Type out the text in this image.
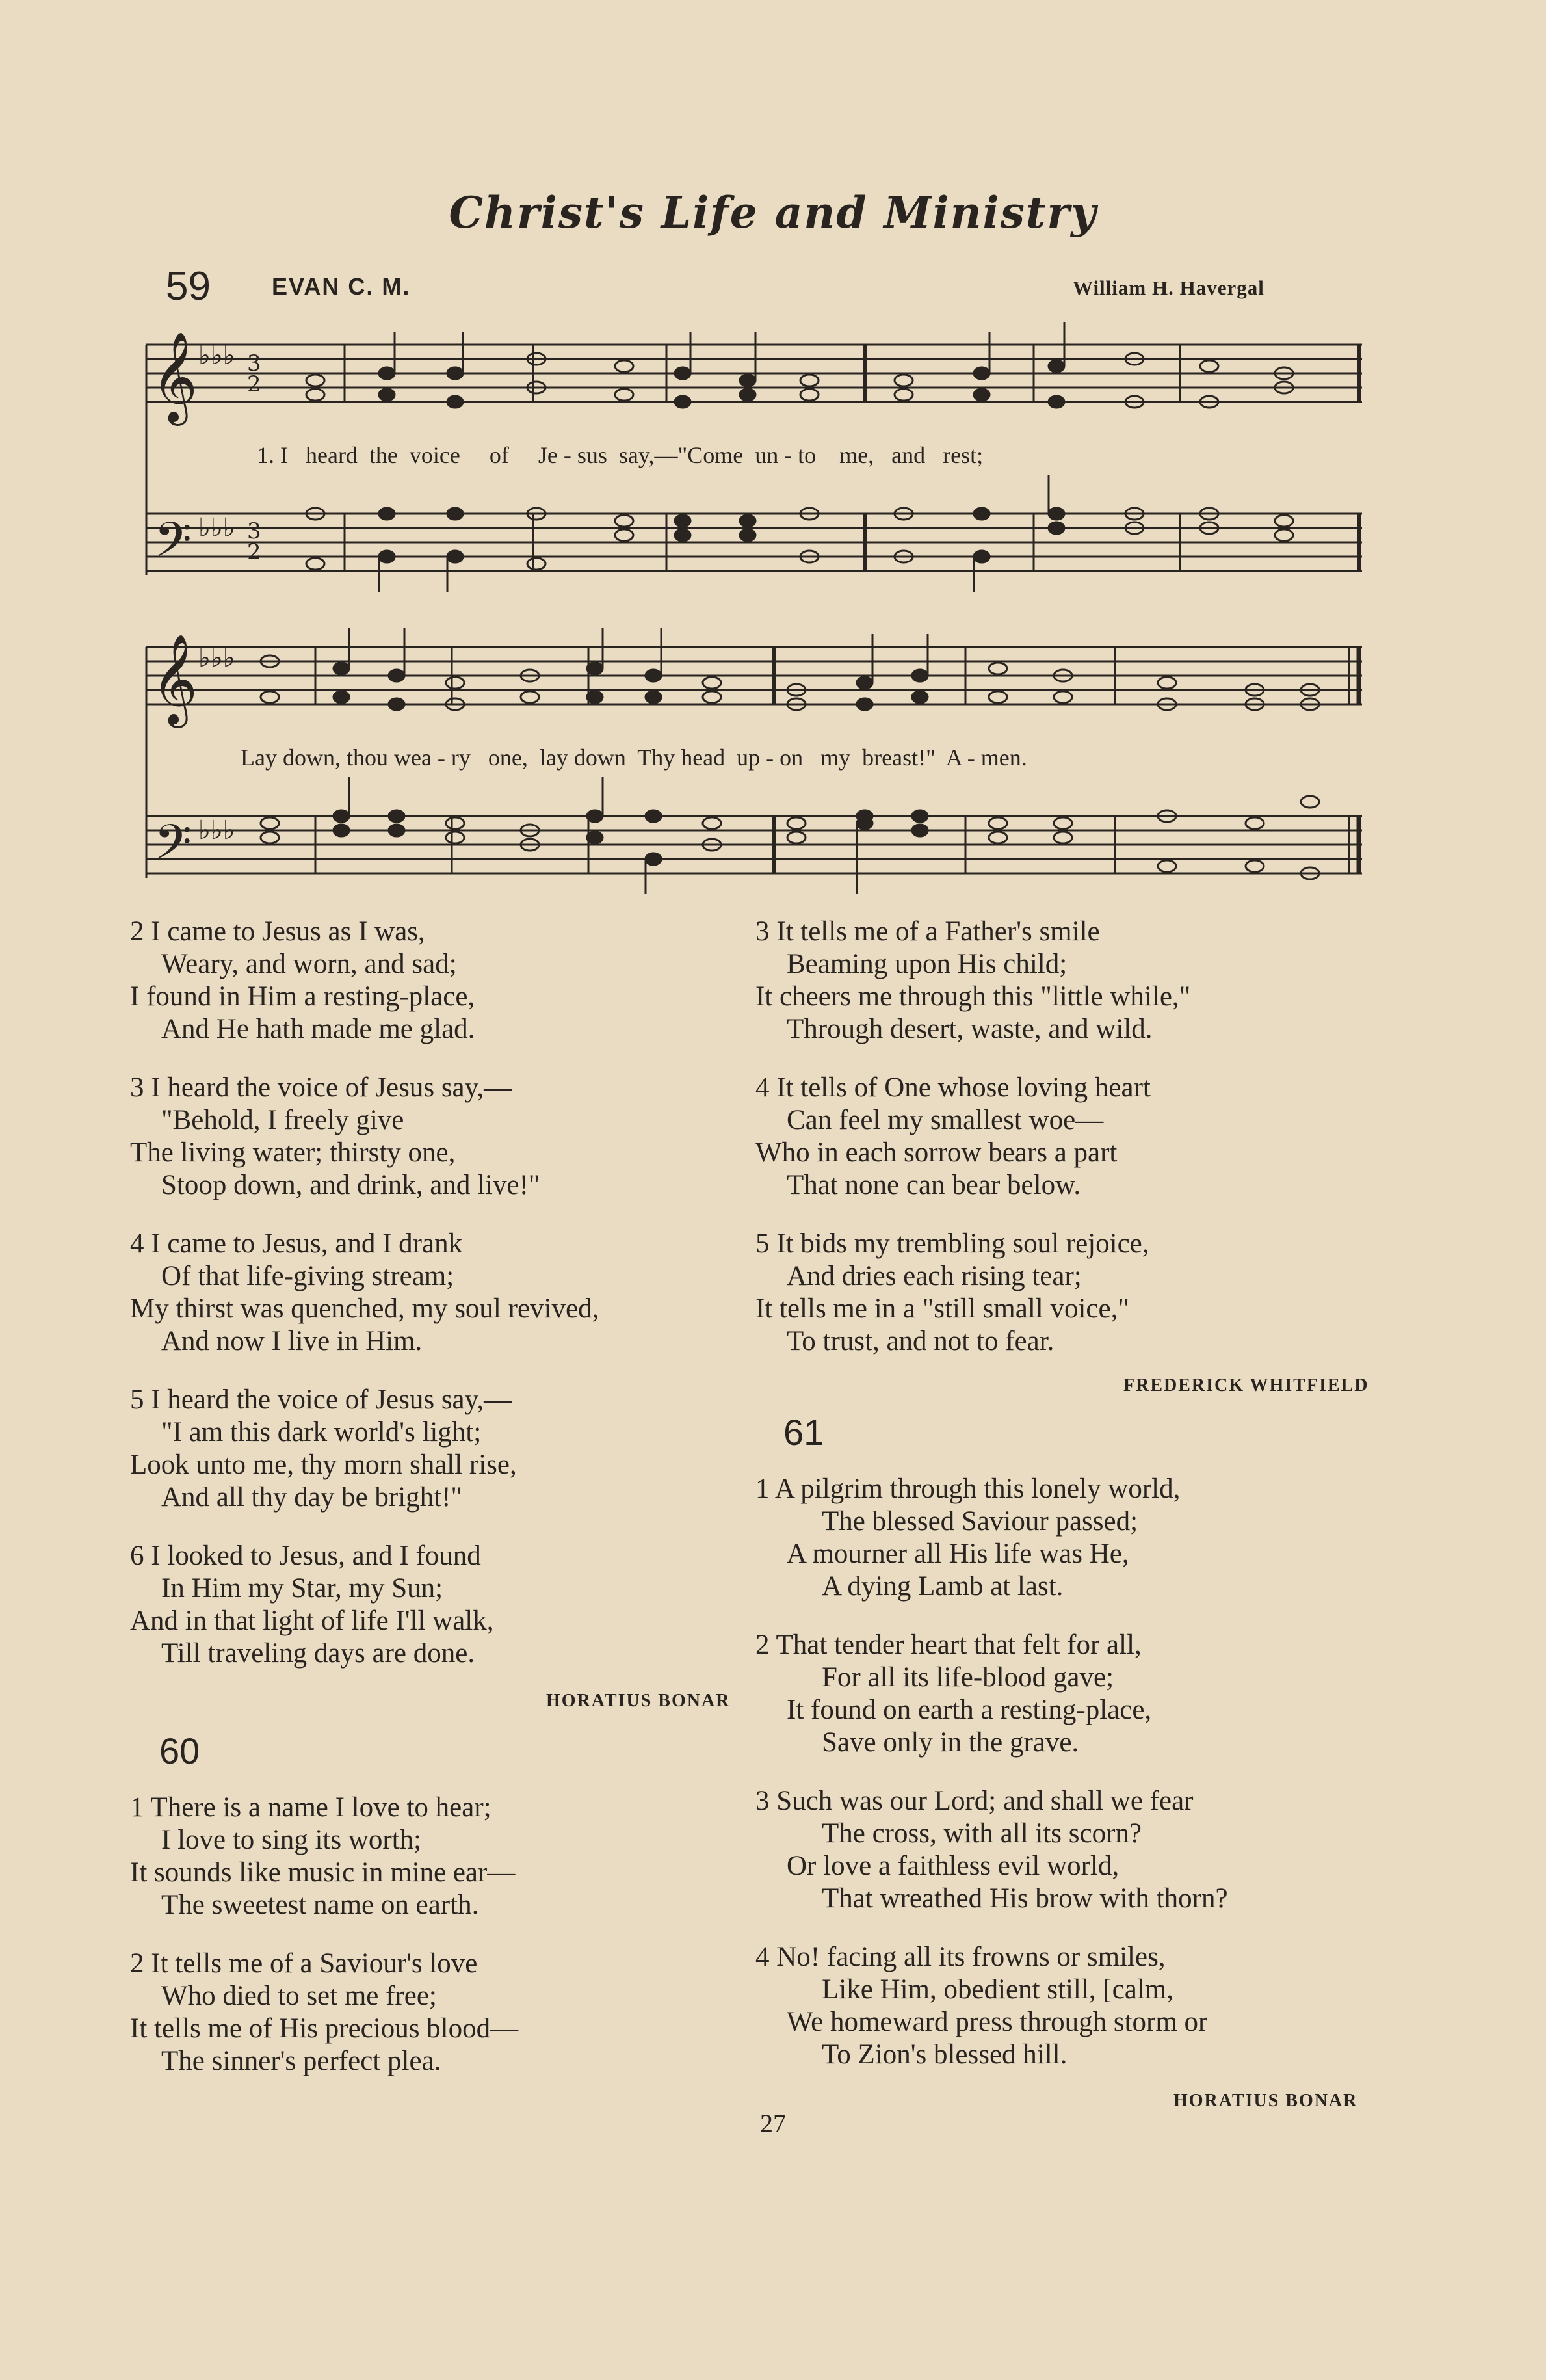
Christ's Life and Ministry
59	EVAN C. M.	William H. Havergal
𝄞
𝄢
♭♭♭
♭♭♭
3
2
3
2
1. I   heard  the  voice     of     Je - sus  say,—"Come  un - to    me,   and   rest;
𝄞
𝄢
♭♭♭
♭♭♭
Lay down, thou wea - ry   one,  lay down  Thy head  up - on   my  breast!"  A - men.
2 I came to Jesus as I was,
Weary, and worn, and sad;
I found in Him a resting-place,
And He hath made me glad.
3 I heard the voice of Jesus say,—
"Behold, I freely give
The living water; thirsty one,
Stoop down, and drink, and live!"
4 I came to Jesus, and I drank
Of that life-giving stream;
My thirst was quenched, my soul revived,
And now I live in Him.
5 I heard the voice of Jesus say,—
"I am this dark world's light;
Look unto me, thy morn shall rise,
And all thy day be bright!"
6 I looked to Jesus, and I found
In Him my Star, my Sun;
And in that light of life I'll walk,
Till traveling days are done.
HORATIUS BONAR
60
1 There is a name I love to hear;
I love to sing its worth;
It sounds like music in mine ear—
The sweetest name on earth.
2 It tells me of a Saviour's love
Who died to set me free;
It tells me of His precious blood—
The sinner's perfect plea.
3 It tells me of a Father's smile
Beaming upon His child;
It cheers me through this "little while,"
Through desert, waste, and wild.
4 It tells of One whose loving heart
Can feel my smallest woe—
Who in each sorrow bears a part
That none can bear below.
5 It bids my trembling soul rejoice,
And dries each rising tear;
It tells me in a "still small voice,"
To trust, and not to fear.
FREDERICK WHITFIELD
61
1 A pilgrim through this lonely world,
The blessed Saviour passed;
A mourner all His life was He,
A dying Lamb at last.
2 That tender heart that felt for all,
For all its life-blood gave;
It found on earth a resting-place,
Save only in the grave.
3 Such was our Lord; and shall we fear
The cross, with all its scorn?
Or love a faithless evil world,
That wreathed His brow with thorn?
4 No! facing all its frowns or smiles,
Like Him, obedient still, [calm,
We homeward press through storm or
To Zion's blessed hill.
HORATIUS BONAR
27
